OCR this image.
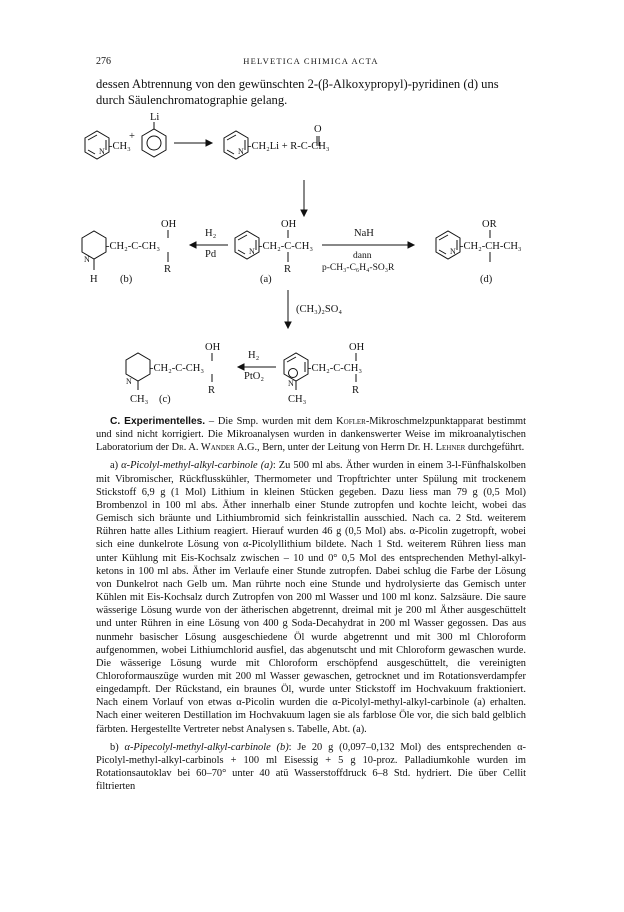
276	HELVETICA CHIMICA ACTA
dessen Abtrennung von den gewünschten 2-(β-Alkoxypropyl)-pyridinen (d) uns durch Säulenchromatographie gelang.
N -CH₃
+
Li
N -CH₂Li + R-C-CH₃
O
OH
-CH₂-C-CH₃
R
N
H (b)
H₂
Pd
OH
N -CH₂-C-CH₃
R
(a)
NaH
dann
p-CH₃-C₆H₄-SO₃R
OR
N -CH₂-CH-CH₃
(d)
(CH₃)₂SO₄
OH
-CH₂-C-CH₃
R
N
CH₃ (c)
H₂
PtO₂
OH
N
-CH₂-C-CH₃
R
CH₃

C. Experimentelles. – Die Smp. wurden mit dem Kofler-Mikroschmelzpunktapparat bestimmt und sind nicht korrigiert. Die Mikroanalysen wurden in dankenswerter Weise im mikroanalytischen Laboratorium der Dr. A. Wander A.G., Bern, unter der Leitung von Herrn Dr. H. Lehner durchgeführt.

a) α-Picolyl-methyl-alkyl-carbinole (a): Zu 500 ml abs. Äther wurden in einem 3-l-Fünfhalskolben mit Vibromischer, Rückflusskühler, Thermometer und Tropftrichter unter Spülung mit trockenem Stickstoff 6,9 g (1 Mol) Lithium in kleinen Stücken gegeben. Dazu liess man 79 g (0,5 Mol) Brombenzol in 100 ml abs. Äther innerhalb einer Stunde zutropfen und kochte leicht, wobei das Gemisch sich bräunte und Lithiumbromid sich feinkristallin ausschied. Nach ca. 2 Std. weiterem Rühren hatte alles Lithium reagiert. Hierauf wurden 46 g (0,5 Mol) abs. α-Picolin zugetropft, wobei sich eine dunkelrote Lösung von α-Picolyllithium bildete. Nach 1 Std. weiterem Rühren liess man unter Kühlung mit Eis-Kochsalz zwischen – 10 und 0° 0,5 Mol des entsprechenden Methyl-alkyl-ketons in 100 ml abs. Äther im Verlaufe einer Stunde zutropfen. Dabei schlug die Farbe der Lösung von Dunkelrot nach Gelb um. Man rührte noch eine Stunde und hydrolysierte das Gemisch unter Kühlen mit Eis-Kochsalz durch Zutropfen von 200 ml Wasser und 100 ml konz. Salzsäure. Die saure wässerige Lösung wurde von der ätherischen abgetrennt, dreimal mit je 200 ml Äther ausgeschüttelt und unter Rühren in eine Lösung von 400 g Soda-Decahydrat in 200 ml Wasser gegossen. Das aus nunmehr basischer Lösung ausgeschiedene Öl wurde abgetrennt und mit 300 ml Chloroform aufgenommen, wobei Lithiumchlorid ausfiel, das abgenutscht und mit Chloroform gewaschen wurde. Die wässerige Lösung wurde mit Chloroform erschöpfend ausgeschüttelt, die vereinigten Chloroformauszüge wurden mit 200 ml Wasser gewaschen, getrocknet und im Rotationsverdampfer eingedampft. Der Rückstand, ein braunes Öl, wurde unter Stickstoff im Hochvakuum fraktioniert. Nach einem Vorlauf von etwas α-Picolin wurden die α-Picolyl-methyl-alkyl-carbinole (a) erhalten. Nach einer weiteren Destillation im Hochvakuum lagen sie als farblose Öle vor, die sich bald gelblich färbten. Hergestellte Vertreter nebst Analysen s. Tabelle, Abt. (a).

b) α-Pipecolyl-methyl-alkyl-carbinole (b): Je 20 g (0,097–0,132 Mol) des entsprechenden α-Picolyl-methyl-alkyl-carbinols + 100 ml Eisessig + 5 g 10-proz. Palladiumkohle wurden im Rotationsautoklav bei 60–70° unter 40 atü Wasserstoffdruck 6–8 Std. hydriert. Die über Cellit filtrierten
